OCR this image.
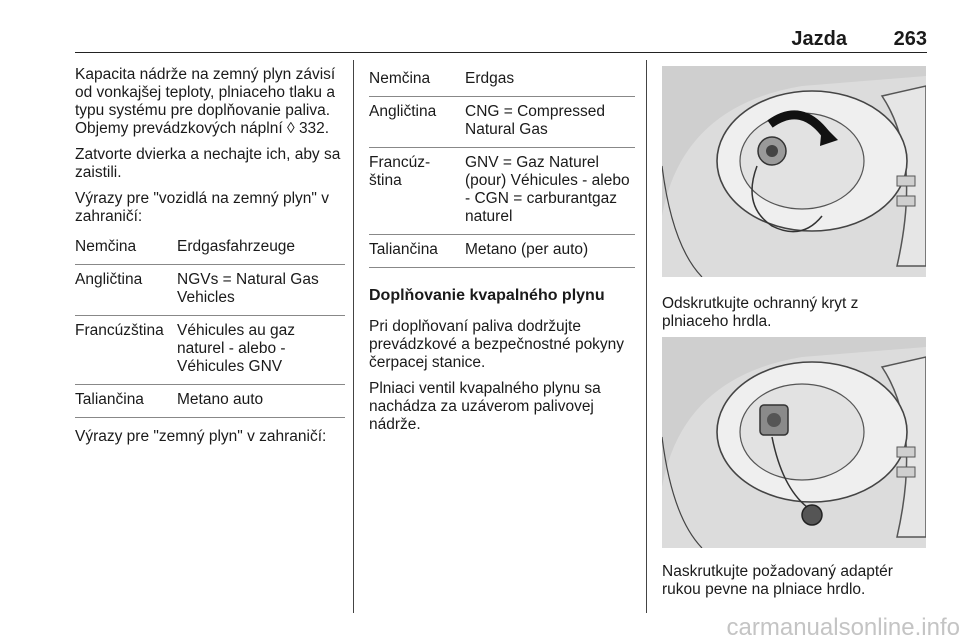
Jazda 263

Kapacita nádrže na zemný plyn závisí od vonkajšej teploty, plniaceho tlaku a typu systému pre doplňovanie paliva. Objemy prevádzkových náplní ◊ 332.

Zatvorte dvierka a nechajte ich, aby sa zaistili.

Výrazy pre "vozidlá na zemný plyn" v zahraničí:

Nemčina	Erdgasfahrzeuge
Angličtina	NGVs = Natural Gas Vehicles
Francúzština	Véhicules au gaz naturel - alebo - Véhicules GNV
Taliančina	Metano auto

Výrazy pre "zemný plyn" v zahraničí:

Nemčina	Erdgas
Angličtina	CNG = Compressed Natural Gas
Francúz-ština	GNV = Gaz Naturel (pour) Véhicules - alebo - CGN = carburantgaz naturel
Taliančina	Metano (per auto)
Doplňovanie kvapalného plynu

Pri doplňovaní paliva dodržujte prevádzkové a bezpečnostné pokyny čerpacej stanice.

Plniaci ventil kvapalného plynu sa nachádza za uzáverom palivovej nádrže.

Odskrutkujte ochranný kryt z plniaceho hrdla.
Naskrutkujte požadovaný adaptér rukou pevne na plniace hrdlo.
carmanualsonline.info
